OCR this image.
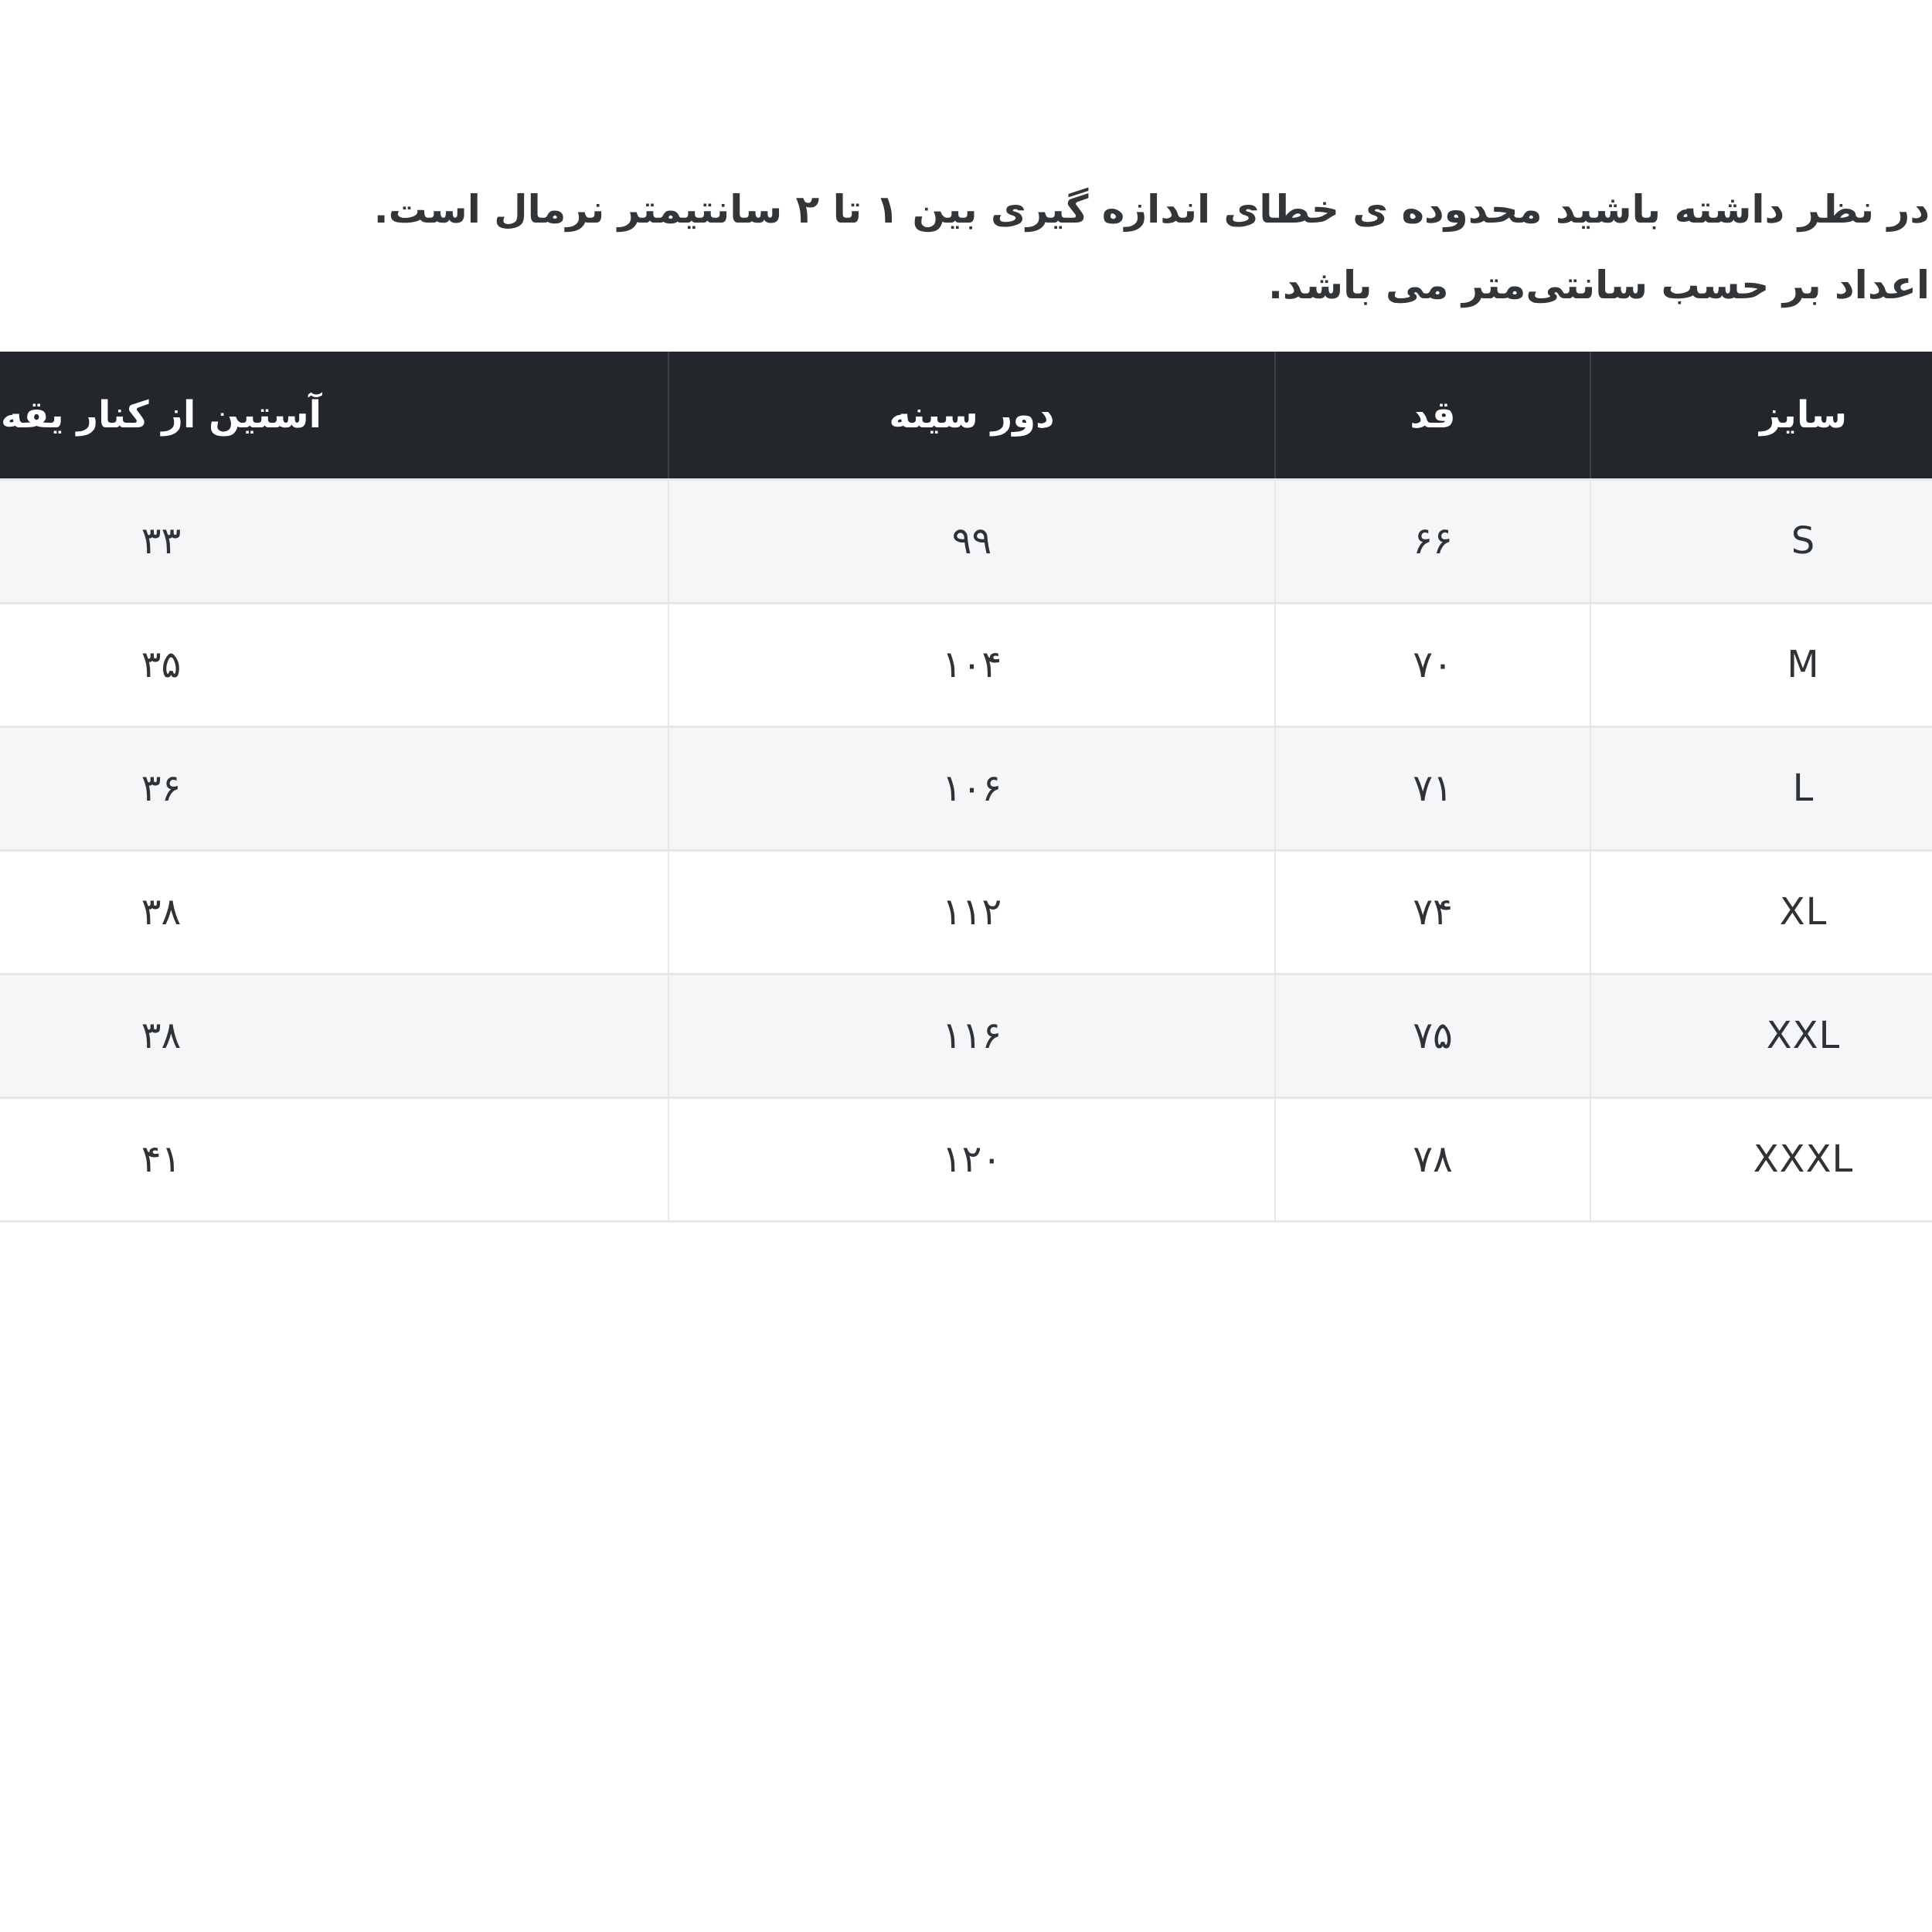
در نظر داشته باشید محدوده ی خطای اندازه گیری بین ۱ تا ۲ سانتیمتر نرمال است.
اعداد بر حسب سانتی‌متر می باشد.
سایز	قد	دور سینه	آستین از کنار یقه
S	۶۶	۹۹	۳۳
M	۷۰	۱۰۴	۳۵
L	۷۱	۱۰۶	۳۶
XL	۷۴	۱۱۲	۳۸
XXL	۷۵	۱۱۶	۳۸
XXXL	۷۸	۱۲۰	۴۱
